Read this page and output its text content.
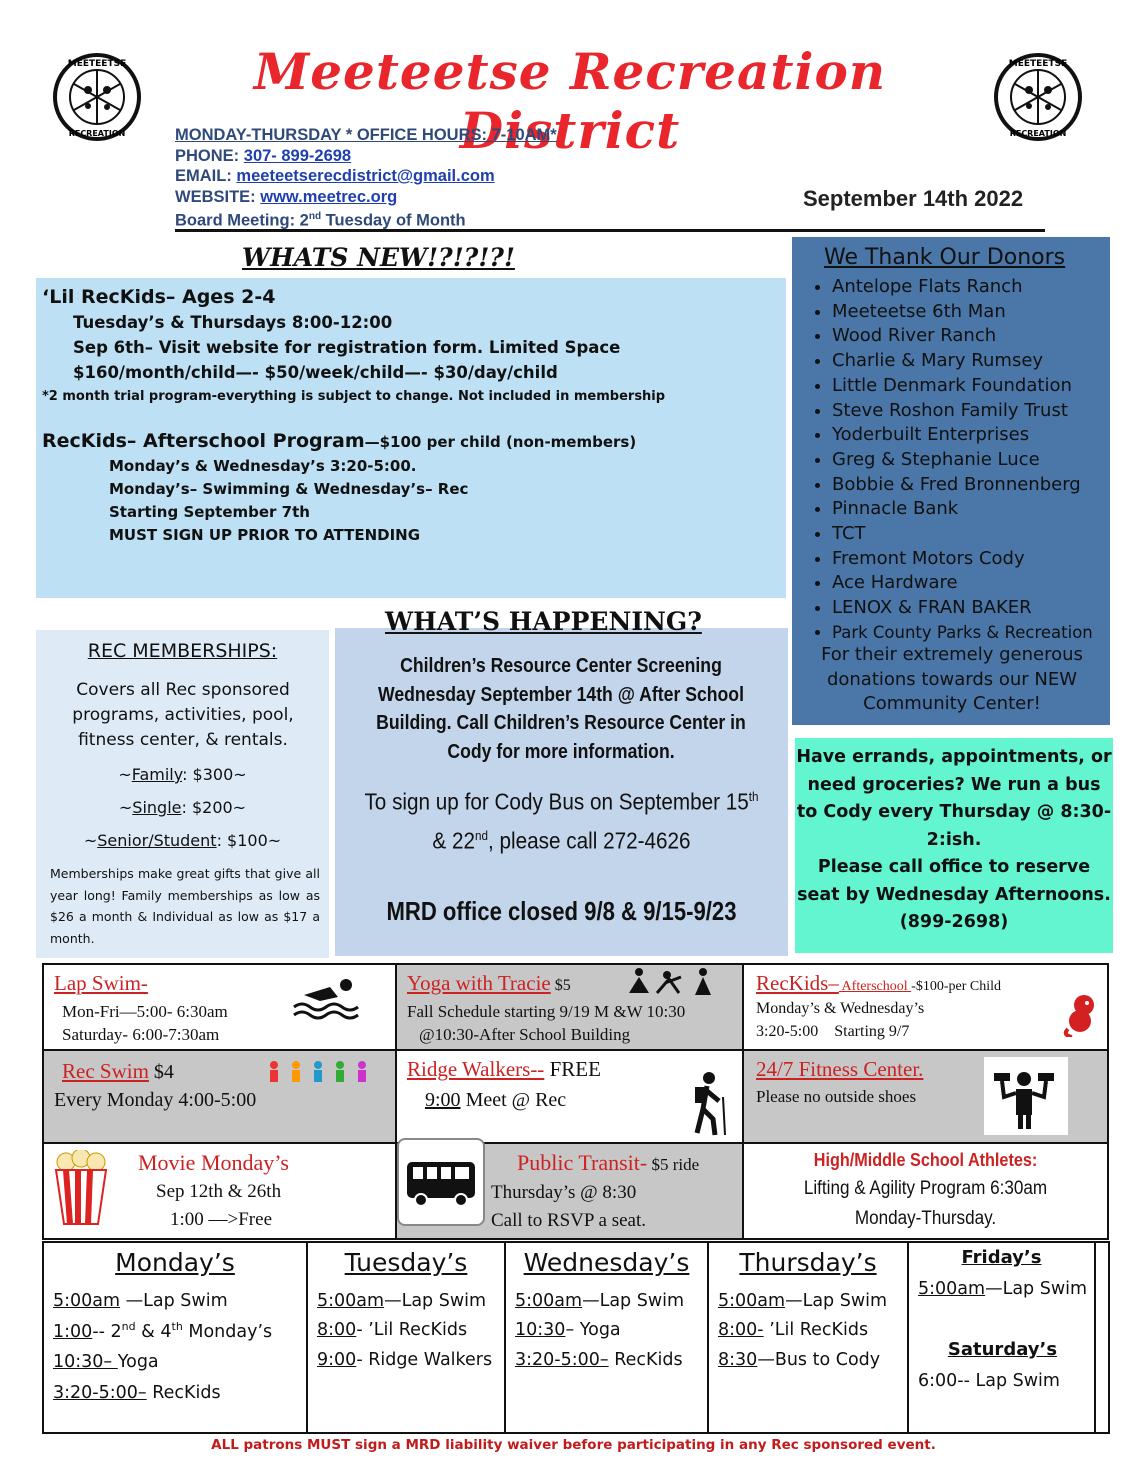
MEETEETSE
RECREATION
MEETEETSE
RECREATION
Meeteetse Recreation District
MONDAY-THURSDAY * OFFICE HOURS: 7-10AM*
PHONE: 307- 899-2698
EMAIL: meeteetserecdistrict@gmail.com
WEBSITE: www.meetrec.org
Board Meeting: 2nd Tuesday of Month
September 14th 2022
WHATS NEW!?!?!?!
‘Lil RecKids– Ages 2-4
Tuesday’s & Thursdays 8:00-12:00
Sep 6th– Visit website for registration form. Limited Space
$160/month/child—- $50/week/child—- $30/day/child
*2 month trial program-everything is subject to change. Not included in membership
RecKids– Afterschool Program—$100 per child (non-members)
Monday’s & Wednesday’s 3:20-5:00.
Monday’s– Swimming & Wednesday’s– Rec
Starting September 7th
MUST SIGN UP PRIOR TO ATTENDING
We Thank Our Donors
• Antelope Flats Ranch
• Meeteetse 6th Man
• Wood River Ranch
• Charlie & Mary Rumsey
• Little Denmark Foundation
• Steve Roshon Family Trust
• Yoderbuilt Enterprises
• Greg & Stephanie Luce
• Bobbie & Fred Bronnenberg
• Pinnacle Bank
• TCT
• Fremont Motors Cody
• Ace Hardware
• LENOX & FRAN BAKER
• Park County Parks & Recreation
For their extremely generous donations towards our NEW Community Center!
REC MEMBERSHIPS:
Covers all Rec sponsored programs, activities, pool, fitness center, & rentals.
~Family: $300~
~Single: $200~
~Senior/Student: $100~
Memberships make great gifts that give all year long! Family memberships as low as $26 a month & Individual as low as $17 a month.
Children’s Resource Center Screening Wednesday September 14th @ After School Building. Call Children’s Resource Center in Cody for more information.
To sign up for Cody Bus on September 15th
& 22nd, please call 272-4626
MRD office closed 9/8 & 9/15-9/23
WHAT’S HAPPENING?
Have errands, appointments, or need groceries? We run a bus to Cody every Thursday @ 8:30-2:ish.
Please call office to reserve seat by Wednesday Afternoons.
(899-2698)
Lap Swim-
Mon-Fri—5:00- 6:30am
Saturday- 6:00-7:30am
Yoga with Tracie $5
Fall Schedule starting 9/19 M &W 10:30
@10:30-After School Building
RecKids– Afterschool -$100-per Child
Monday’s & Wednesday’s
3:20-5:00    Starting 9/7
Rec Swim $4
Every Monday 4:00-5:00
Ridge Walkers-- FREE
9:00 Meet @ Rec
24/7 Fitness Center.
Please no outside shoes
Movie Monday’s
Sep 12th & 26th
1:00 —>Free
Public Transit- $5 ride
Thursday’s @ 8:30
Call to RSVP a seat.
High/Middle School Athletes:
Lifting & Agility Program 6:30am
Monday-Thursday.
Monday’s
5:00am —Lap Swim
1:00-- 2nd & 4th Monday’s
10:30– Yoga
3:20-5:00– RecKids
Tuesday’s
5:00am—Lap Swim
8:00- ’Lil RecKids
9:00- Ridge Walkers
Wednesday’s
5:00am—Lap Swim
10:30– Yoga
3:20-5:00– RecKids
Thursday’s
5:00am—Lap Swim
8:00- ’Lil RecKids
8:30—Bus to Cody
Friday’s
5:00am—Lap Swim
Saturday’s
6:00-- Lap Swim
ALL patrons MUST sign a MRD liability waiver before participating in any Rec sponsored event.
